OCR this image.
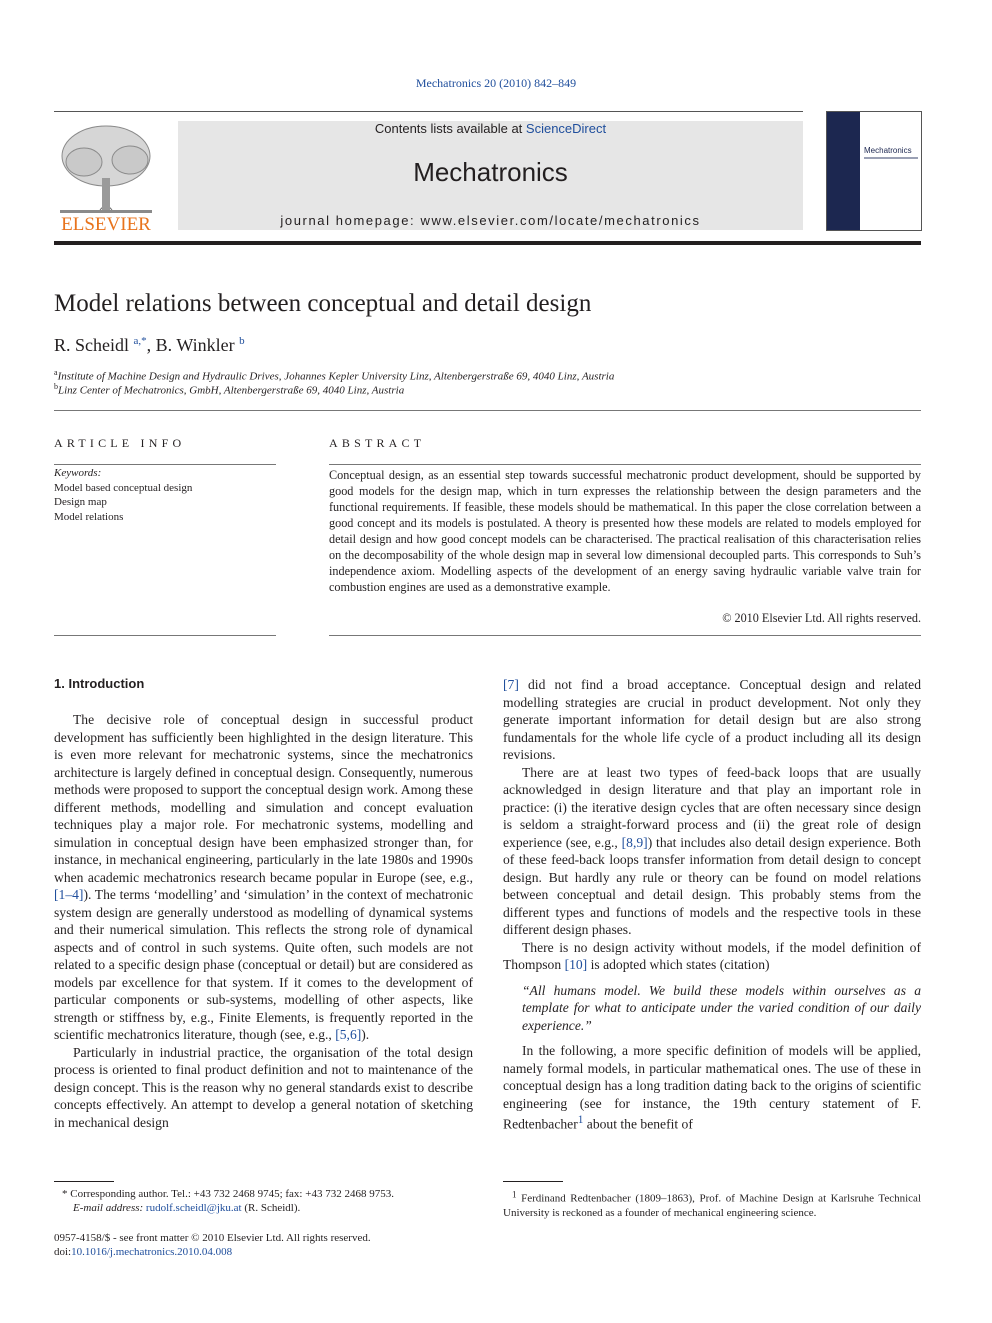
Mechatronics 20 (2010) 842–849
ELSEVIER
Contents lists available at ScienceDirect
Mechatronics
journal homepage: www.elsevier.com/locate/mechatronics
Mechatronics
Model relations between conceptual and detail design
R. Scheidl $^{a,*}$, B. Winkler $^b$
$^a$Institute of Machine Design and Hydraulic Drives, Johannes Kepler University Linz, Altenbergerstraße 69, 4040 Linz, Austria
$^b$Linz Center of Mechatronics, GmbH, Altenbergerstraße 69, 4040 Linz, Austria
ARTICLE INFO
Keywords:
Model based conceptual design
Design map
Model relations
ABSTRACT
Conceptual design, as an essential step towards successful mechatronic product development, should be supported by good models for the design map, which in turn expresses the relationship between the design parameters and the functional requirements. If feasible, these models should be mathematical. In this paper the close correlation between a good concept and its models is postulated. A theory is presented how these models are related to models employed for detail design and how good concept models can be characterised. The practical realisation of this characterisation relies on the decomposability of the whole design map in several low dimensional decoupled parts. This corresponds to Suh’s independence axiom. Modelling aspects of the development of an energy saving hydraulic variable valve train for combustion engines are used as a demonstrative example.
© 2010 Elsevier Ltd. All rights reserved.
1. Introduction

The decisive role of conceptual design in successful product development has sufficiently been highlighted in the design literature. This is even more relevant for mechatronic systems, since the mechatronics architecture is largely defined in conceptual design. Consequently, numerous methods were proposed to support the conceptual design work. Among these different methods, modelling and simulation and concept evaluation techniques play a major role. For mechatronic systems, modelling and simulation in conceptual design have been emphasized stronger than, for instance, in mechanical engineering, particularly in the late 1980s and 1990s when academic mechatronics research became popular in Europe (see, e.g., [1–4]). The terms ‘modelling’ and ‘simulation’ in the context of mechatronic system design are generally understood as modelling of dynamical systems and their numerical simulation. This reflects the strong role of dynamical aspects and of control in such systems. Quite often, such models are not related to a specific design phase (conceptual or detail) but are considered as models par excellence for that system. If it comes to the development of particular components or sub-systems, modelling of other aspects, like strength or stiffness by, e.g., Finite Elements, is frequently reported in the scientific mechatronics literature, though (see, e.g., [5,6]).

Particularly in industrial practice, the organisation of the total design process is oriented to final product definition and not to maintenance of the design concept. This is the reason why no general standards exist to describe concepts effectively. An attempt to develop a general notation of sketching in mechanical design

[7] did not find a broad acceptance. Conceptual design and related modelling strategies are crucial in product development. Not only they generate important information for detail design but are also strong fundamentals for the whole life cycle of a product including all its design revisions.

There are at least two types of feed-back loops that are usually acknowledged in design literature and that play an important role in practice: (i) the iterative design cycles that are often necessary since design is seldom a straight-forward process and (ii) the great role of design experience (see, e.g., [8,9]) that includes also detail design experience. Both of these feed-back loops transfer information from detail design to concept design. But hardly any rule or theory can be found on model relations between conceptual and detail design. This probably stems from the different types and functions of models and the respective tools in these different design phases.

There is no design activity without models, if the model definition of Thompson [10] is adopted which states (citation)

“All humans model. We build these models within ourselves as a template for what to anticipate under the varied condition of our daily experience.”

In the following, a more specific definition of models will be applied, namely formal models, in particular mathematical ones. The use of these in conceptual design has a long tradition dating back to the origins of scientific engineering (see for instance, the 19th century statement of F. Redtenbacher$^1$ about the benefit of

* Corresponding author. Tel.: +43 732 2468 9745; fax: +43 732 2468 9753.
E-mail address: rudolf.scheidl@jku.at (R. Scheidl).
$^1$ Ferdinand Redtenbacher (1809–1863), Prof. of Machine Design at Karlsruhe Technical University is reckoned as a founder of mechanical engineering science.
0957-4158/$ - see front matter © 2010 Elsevier Ltd. All rights reserved.
doi:10.1016/j.mechatronics.2010.04.008
